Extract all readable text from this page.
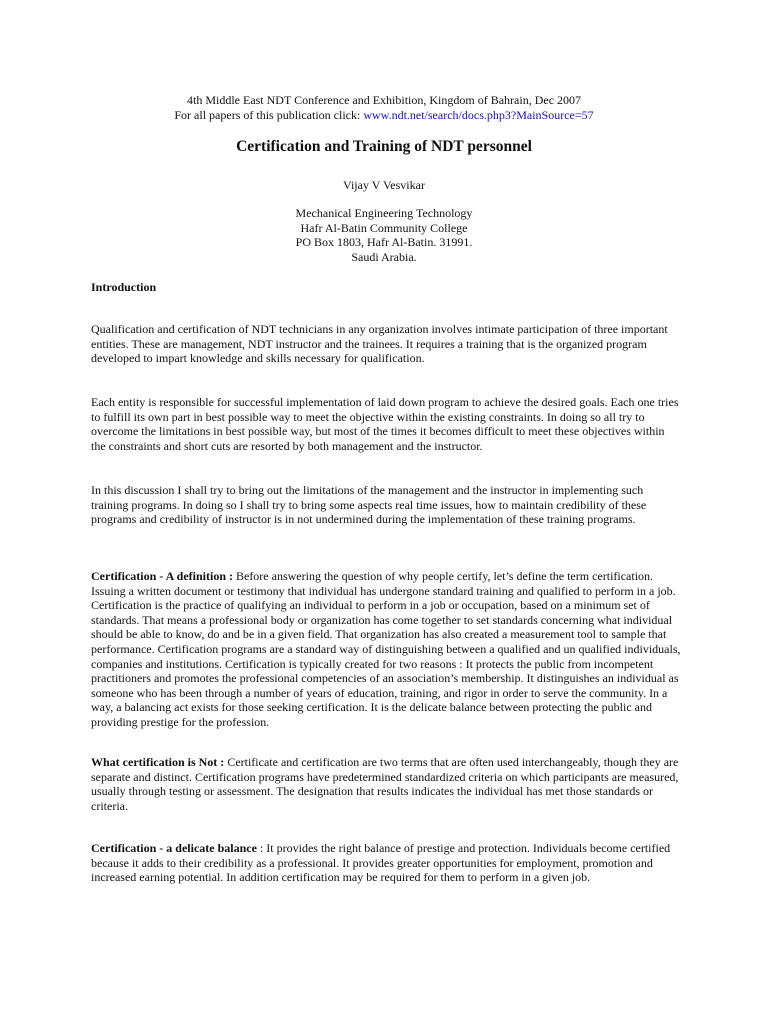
4th Middle East NDT Conference and Exhibition, Kingdom of Bahrain, Dec 2007
For all papers of this publication click: www.ndt.net/search/docs.php3?MainSource=57
Certification and Training of NDT personnel
Vijay V Vesvikar
Mechanical Engineering Technology
Hafr Al-Batin Community College
PO Box 1803, Hafr Al-Batin. 31991.
Saudi Arabia.
Introduction

Qualification and certification of NDT technicians in any organization involves intimate participation of three important entities. These are management, NDT instructor and the trainees. It requires a training that is the organized program developed to impart knowledge and skills necessary for qualification.

Each entity is responsible for successful implementation of laid down program to achieve the desired goals. Each one tries to fulfill its own part in best possible way to meet the objective within the existing constraints. In doing so all try to overcome the limitations in best possible way, but most of the times it becomes difficult to meet these objectives within the constraints and short cuts are resorted by both management and the instructor.

In this discussion I shall try to bring out the limitations of the management and the instructor in implementing such training programs. In doing so I shall try to bring some aspects real time issues, how to maintain credibility of these programs and credibility of instructor is in not undermined during the implementation of these training programs.

Certification - A definition : Before answering the question of why people certify, let’s define the term certification. Issuing a written document or testimony that individual has undergone standard training and qualified to perform in a job. Certification is the practice of qualifying an individual to perform in a job or occupation, based on a minimum set of standards. That means a professional body or organization has come together to set standards concerning what individual should be able to know, do and be in a given field. That organization has also created a measurement tool to sample that performance. Certification programs are a standard way of distinguishing between a qualified and un qualified individuals, companies and institutions. Certification is typically created for two reasons : It protects the public from incompetent practitioners and promotes the professional competencies of an association’s membership. It distinguishes an individual as someone who has been through a number of years of education, training, and rigor in order to serve the community. In a way, a balancing act exists for those seeking certification. It is the delicate balance between protecting the public and providing prestige for the profession.

What certification is Not : Certificate and certification are two terms that are often used interchangeably, though they are separate and distinct. Certification programs have predetermined standardized criteria on which participants are measured, usually through testing or assessment. The designation that results indicates the individual has met those standards or criteria.

Certification - a delicate balance : It provides the right balance of prestige and protection. Individuals become certified because it adds to their credibility as a professional. It provides greater opportunities for employment, promotion and increased earning potential. In addition certification may be required for them to perform in a given job.
